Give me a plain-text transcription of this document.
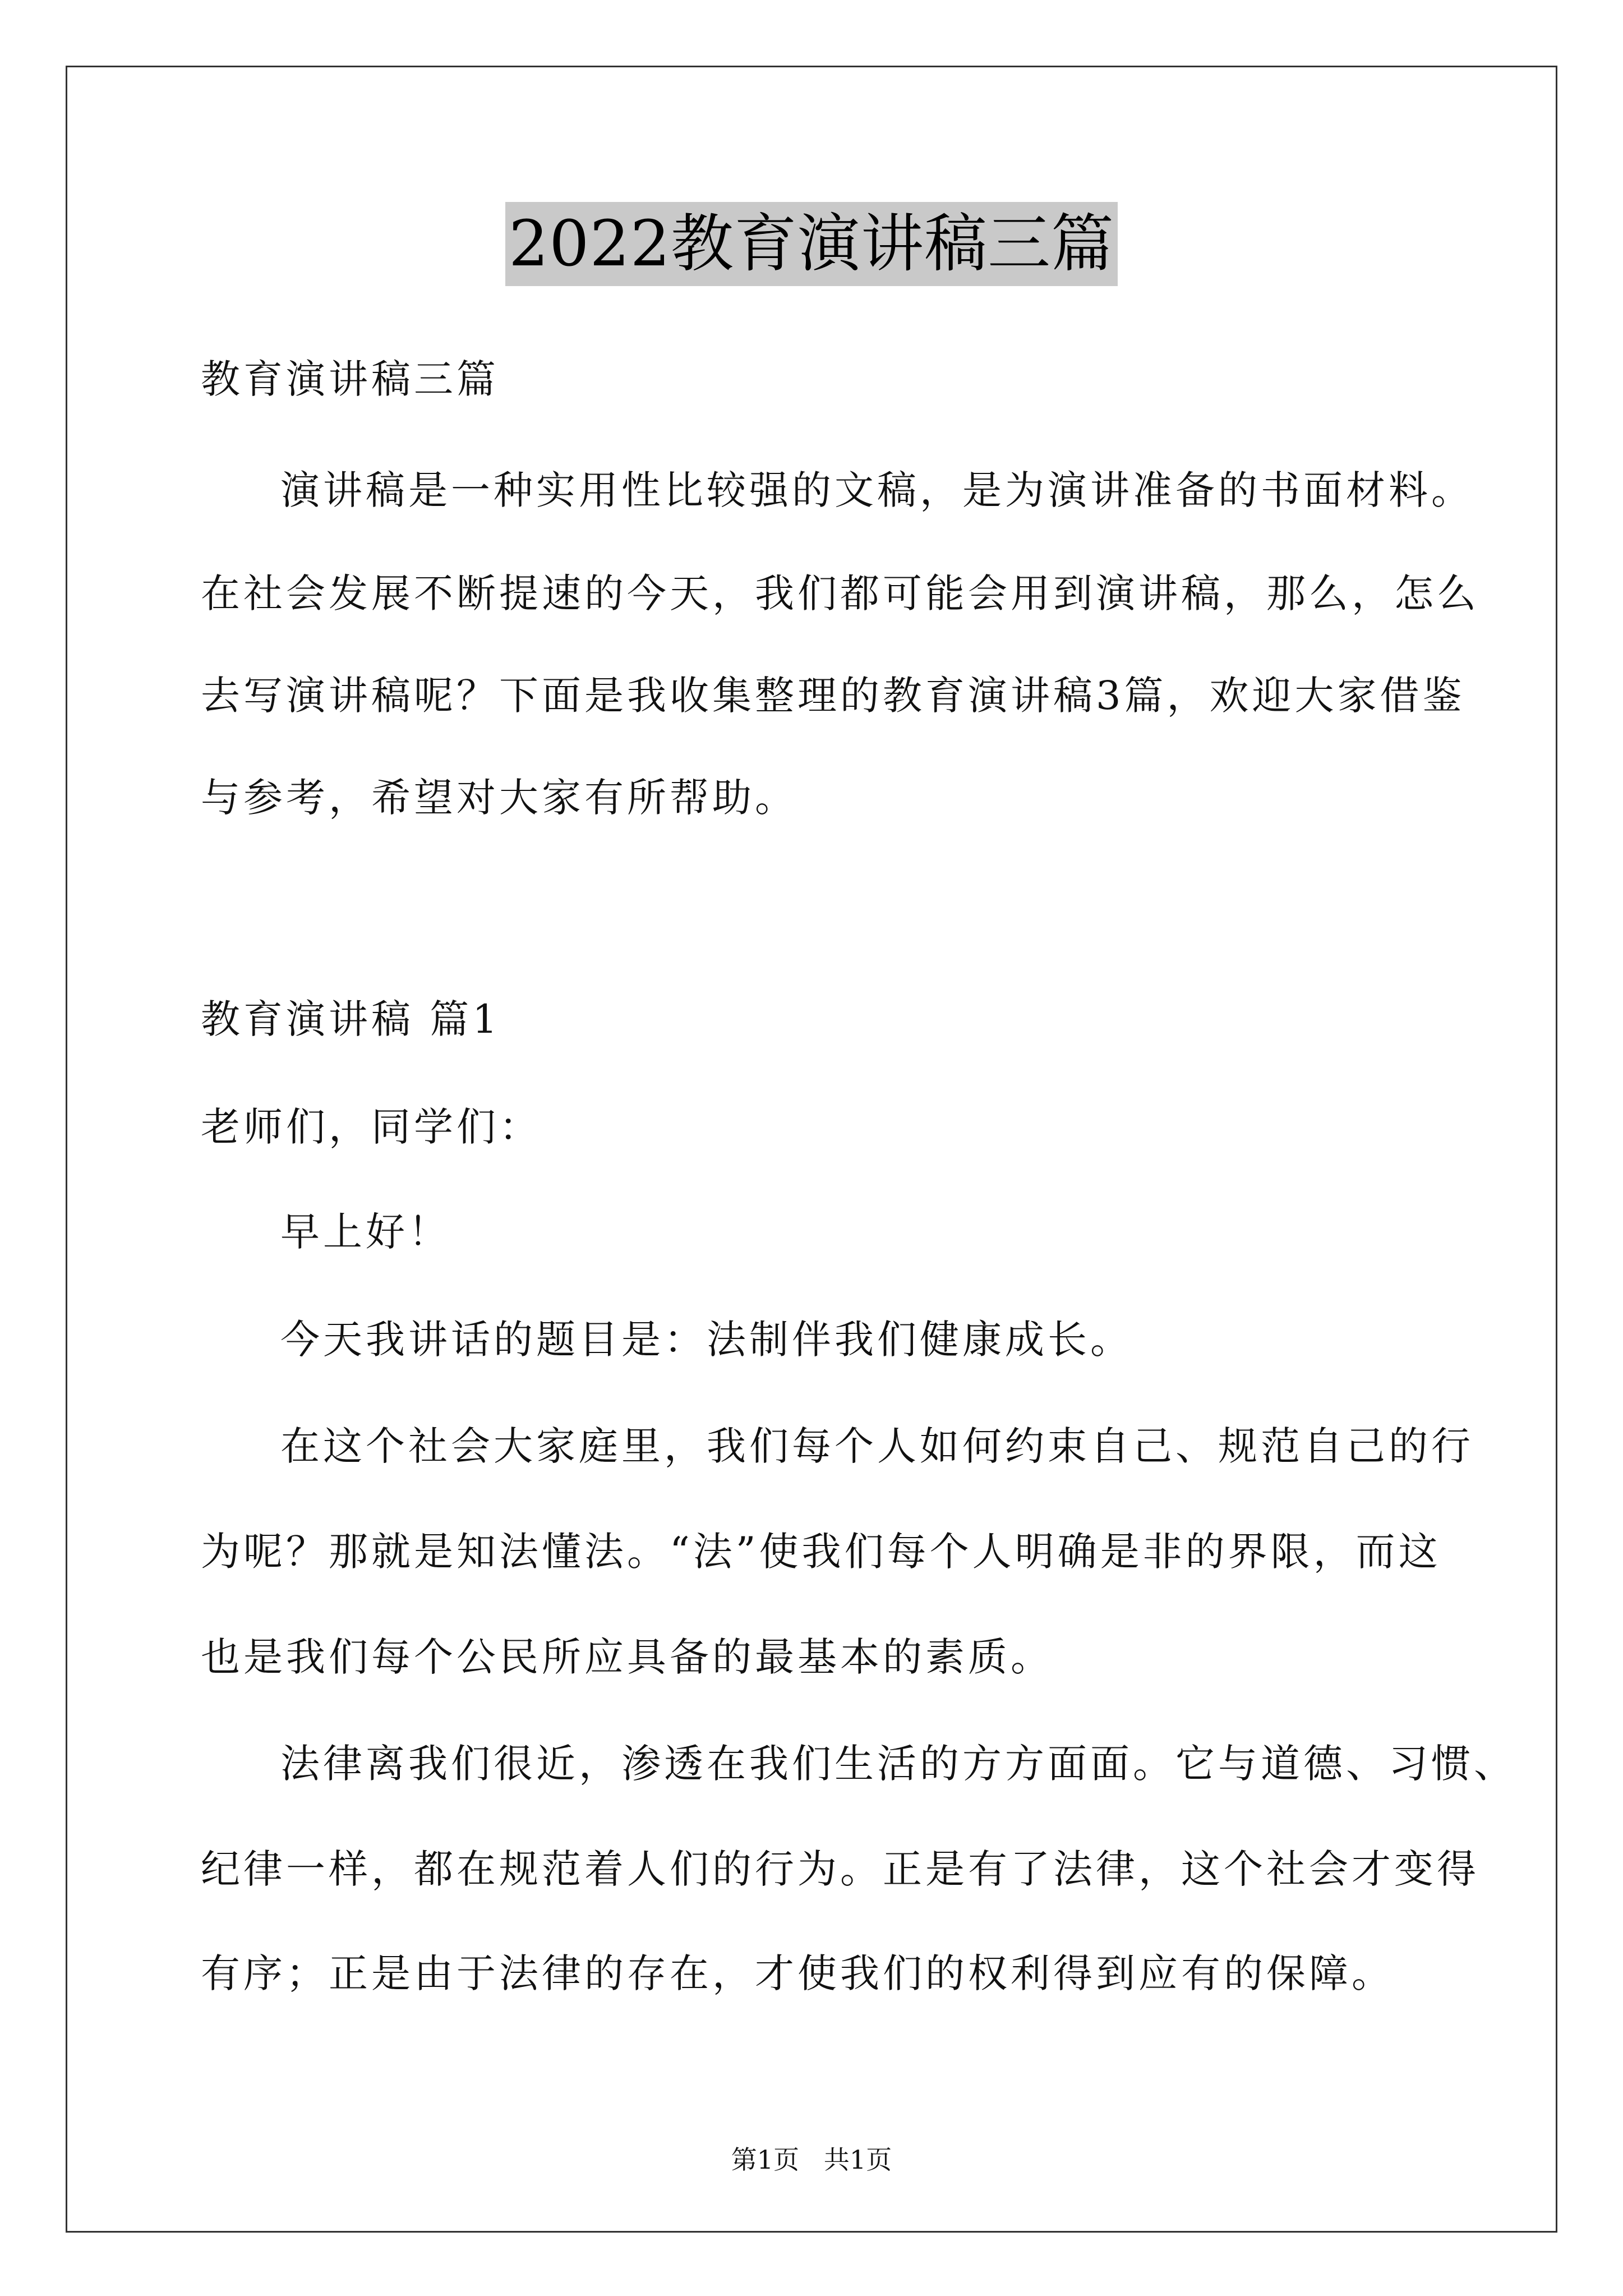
2022教育演讲稿三篇
教育演讲稿三篇
演讲稿是一种实用性比较强的文稿，是为演讲准备的书面材料。
在社会发展不断提速的今天，我们都可能会用到演讲稿，那么，怎么
去写演讲稿呢？下面是我收集整理的教育演讲稿3篇，欢迎大家借鉴
与参考，希望对大家有所帮助。
教育演讲稿 篇1
老师们，同学们：
早上好！
今天我讲话的题目是：法制伴我们健康成长。
在这个社会大家庭里，我们每个人如何约束自己、规范自己的行
为呢？那就是知法懂法。“法”使我们每个人明确是非的界限，而这
也是我们每个公民所应具备的最基本的素质。
法律离我们很近，渗透在我们生活的方方面面。它与道德、习惯、
纪律一样，都在规范着人们的行为。正是有了法律，这个社会才变得
有序；正是由于法律的存在，才使我们的权利得到应有的保障。
第1页   共1页
